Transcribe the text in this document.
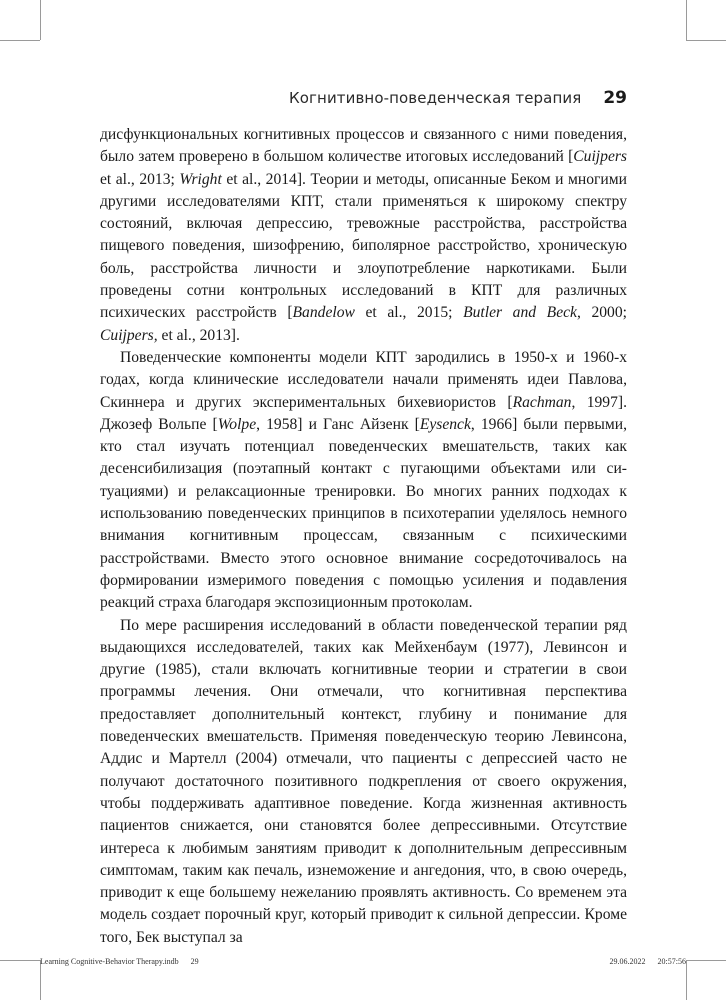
Когнитивно-поведенческая терапия 29

дисфункциональных когнитивных процессов и связанного с ними поведения, было затем проверено в большом количестве итоговых исследований [Cuijpers et al., 2013; Wright et al., 2014]. Теории и методы, описанные Беком и многими другими исследователями КПТ, стали применяться к широкому спектру состояний, включая депрессию, тревожные расстройства, расстройства пищевого поведения, шизофрению, биполярное расстройство, хроническую боль, расстройства личности и злоупотребление наркотиками. Были проведены сотни контрольных исследований в КПТ для различных психических расстройств [Bandelow et al., 2015; Butler and Beck, 2000; Cuijpers, et al., 2013].

Поведенческие компоненты модели КПТ зародились в 1950-х и 1960-х годах, когда клинические исследователи начали применять идеи Павлова, Скиннера и других экспериментальных бихевиористов [Rachman, 1997]. Джозеф Вольпе [Wolpe, 1958] и Ганс Айзенк [Eysenck, 1966] были первыми, кто стал изучать потенциал поведенческих вмешательств, таких как десенсибилизация (поэтапный контакт с пугающими объектами или ситуациями) и релаксационные тренировки. Во многих ранних подходах к использованию поведенческих принципов в психотерапии уделялось немного внимания когнитивным процессам, связанным с психическими расстройствами. Вместо этого основное внимание сосредоточивалось на формировании измеримого поведения с помощью усиления и подавления реакций страха благодаря экспозиционным протоколам.

По мере расширения исследований в области поведенческой терапии ряд выдающихся исследователей, таких как Мейхенбаум (1977), Левинсон и другие (1985), стали включать когнитивные теории и стратегии в свои программы лечения. Они отмечали, что когнитивная перспектива предоставляет дополнительный контекст, глубину и понимание для поведенческих вмешательств. Применяя поведенческую теорию Левинсона, Аддис и Мартелл (2004) отмечали, что пациенты с депрессией часто не получают достаточного позитивного подкрепления от своего окружения, чтобы поддерживать адаптивное поведение. Когда жизненная активность пациентов снижается, они становятся более депрессивными. Отсутствие интереса к любимым занятиям приводит к дополнительным депрессивным симптомам, таким как печаль, изнеможение и ангедония, что, в свою очередь, приводит к еще большему нежеланию проявлять активность. Со временем эта модель создает порочный круг, который приводит к сильной депрессии. Кроме того, Бек выступал за

Learning Cognitive-Behavior Therapy.indb 29	29.06.2022 20:57:56
